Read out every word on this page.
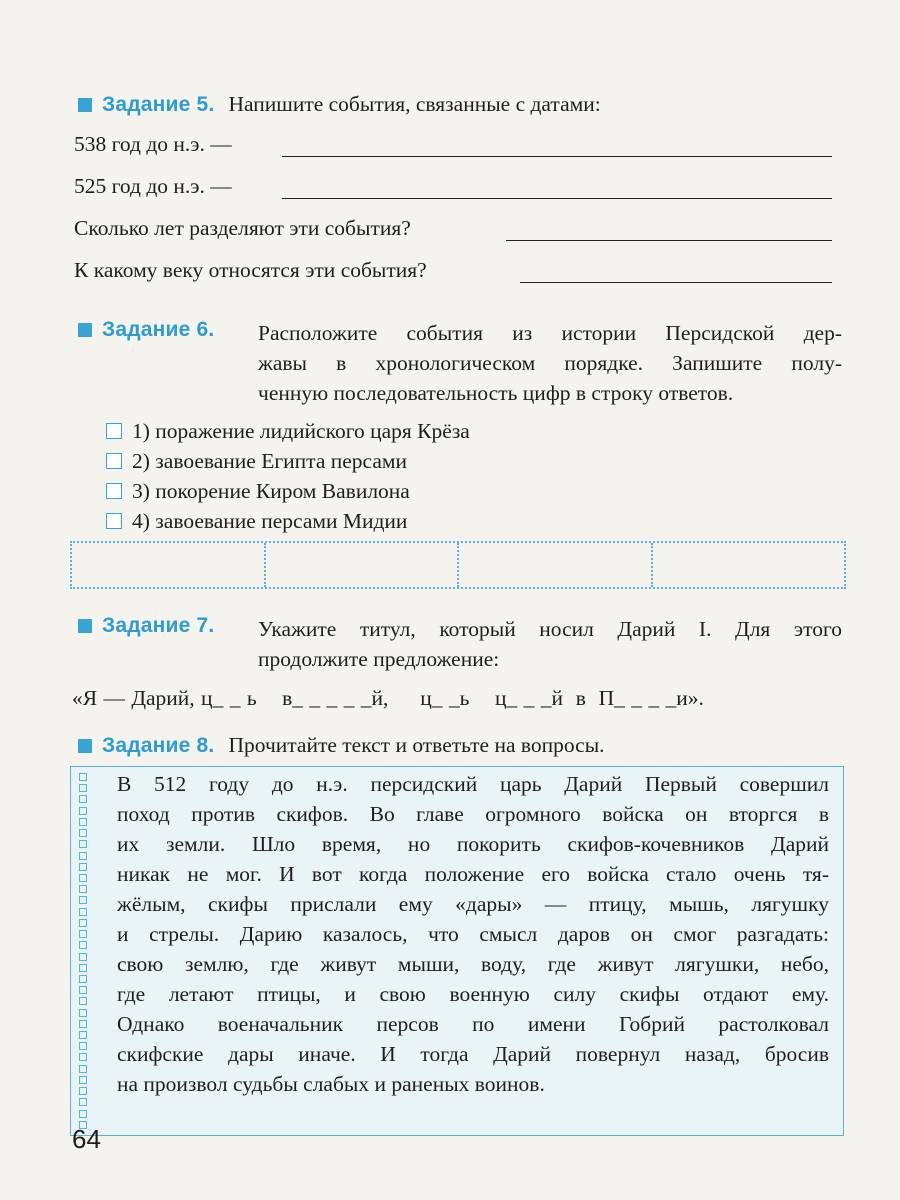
Задание 5. Напишите события, связанные с датами:
538 год до н.э. —
525 год до н.э. —
Сколько лет разделяют эти события?
К какому веку относятся эти события?
Задание 6. Расположите события из истории Персидской дер-
жавы в хронологическом порядке. Запишите полу-
ченную последовательность цифр в строку ответов.
1) поражение лидийского царя Крёза
2) завоевание Египта персами
3) покорение Киром Вавилона
4) завоевание персами Мидии
Задание 7. Укажите титул, который носил Дарий I. Для этого
продолжите предложение:
«Я — Дарий, ц_ _ ь    в_ _ _ _ _й,     ц_ _ь    ц_ _ _й  в  П_ _ _ _и».
Задание 8. Прочитайте текст и ответьте на вопросы.
В 512 году до н.э. персидский царь Дарий Первый совершил
поход против скифов. Во главе огромного войска он вторгся в
их земли. Шло время, но покорить скифов-кочевников Дарий
никак не мог. И вот когда положение его войска стало очень тя-
жёлым, скифы прислали ему «дары» — птицу, мышь, лягушку
и стрелы. Дарию казалось, что смысл даров он смог разгадать:
свою землю, где живут мыши, воду, где живут лягушки, небо,
где летают птицы, и свою военную силу скифы отдают ему.
Однако военачальник персов по имени Гобрий растолковал
скифские дары иначе. И тогда Дарий повернул назад, бросив
на произвол судьбы слабых и раненых воинов.
64
